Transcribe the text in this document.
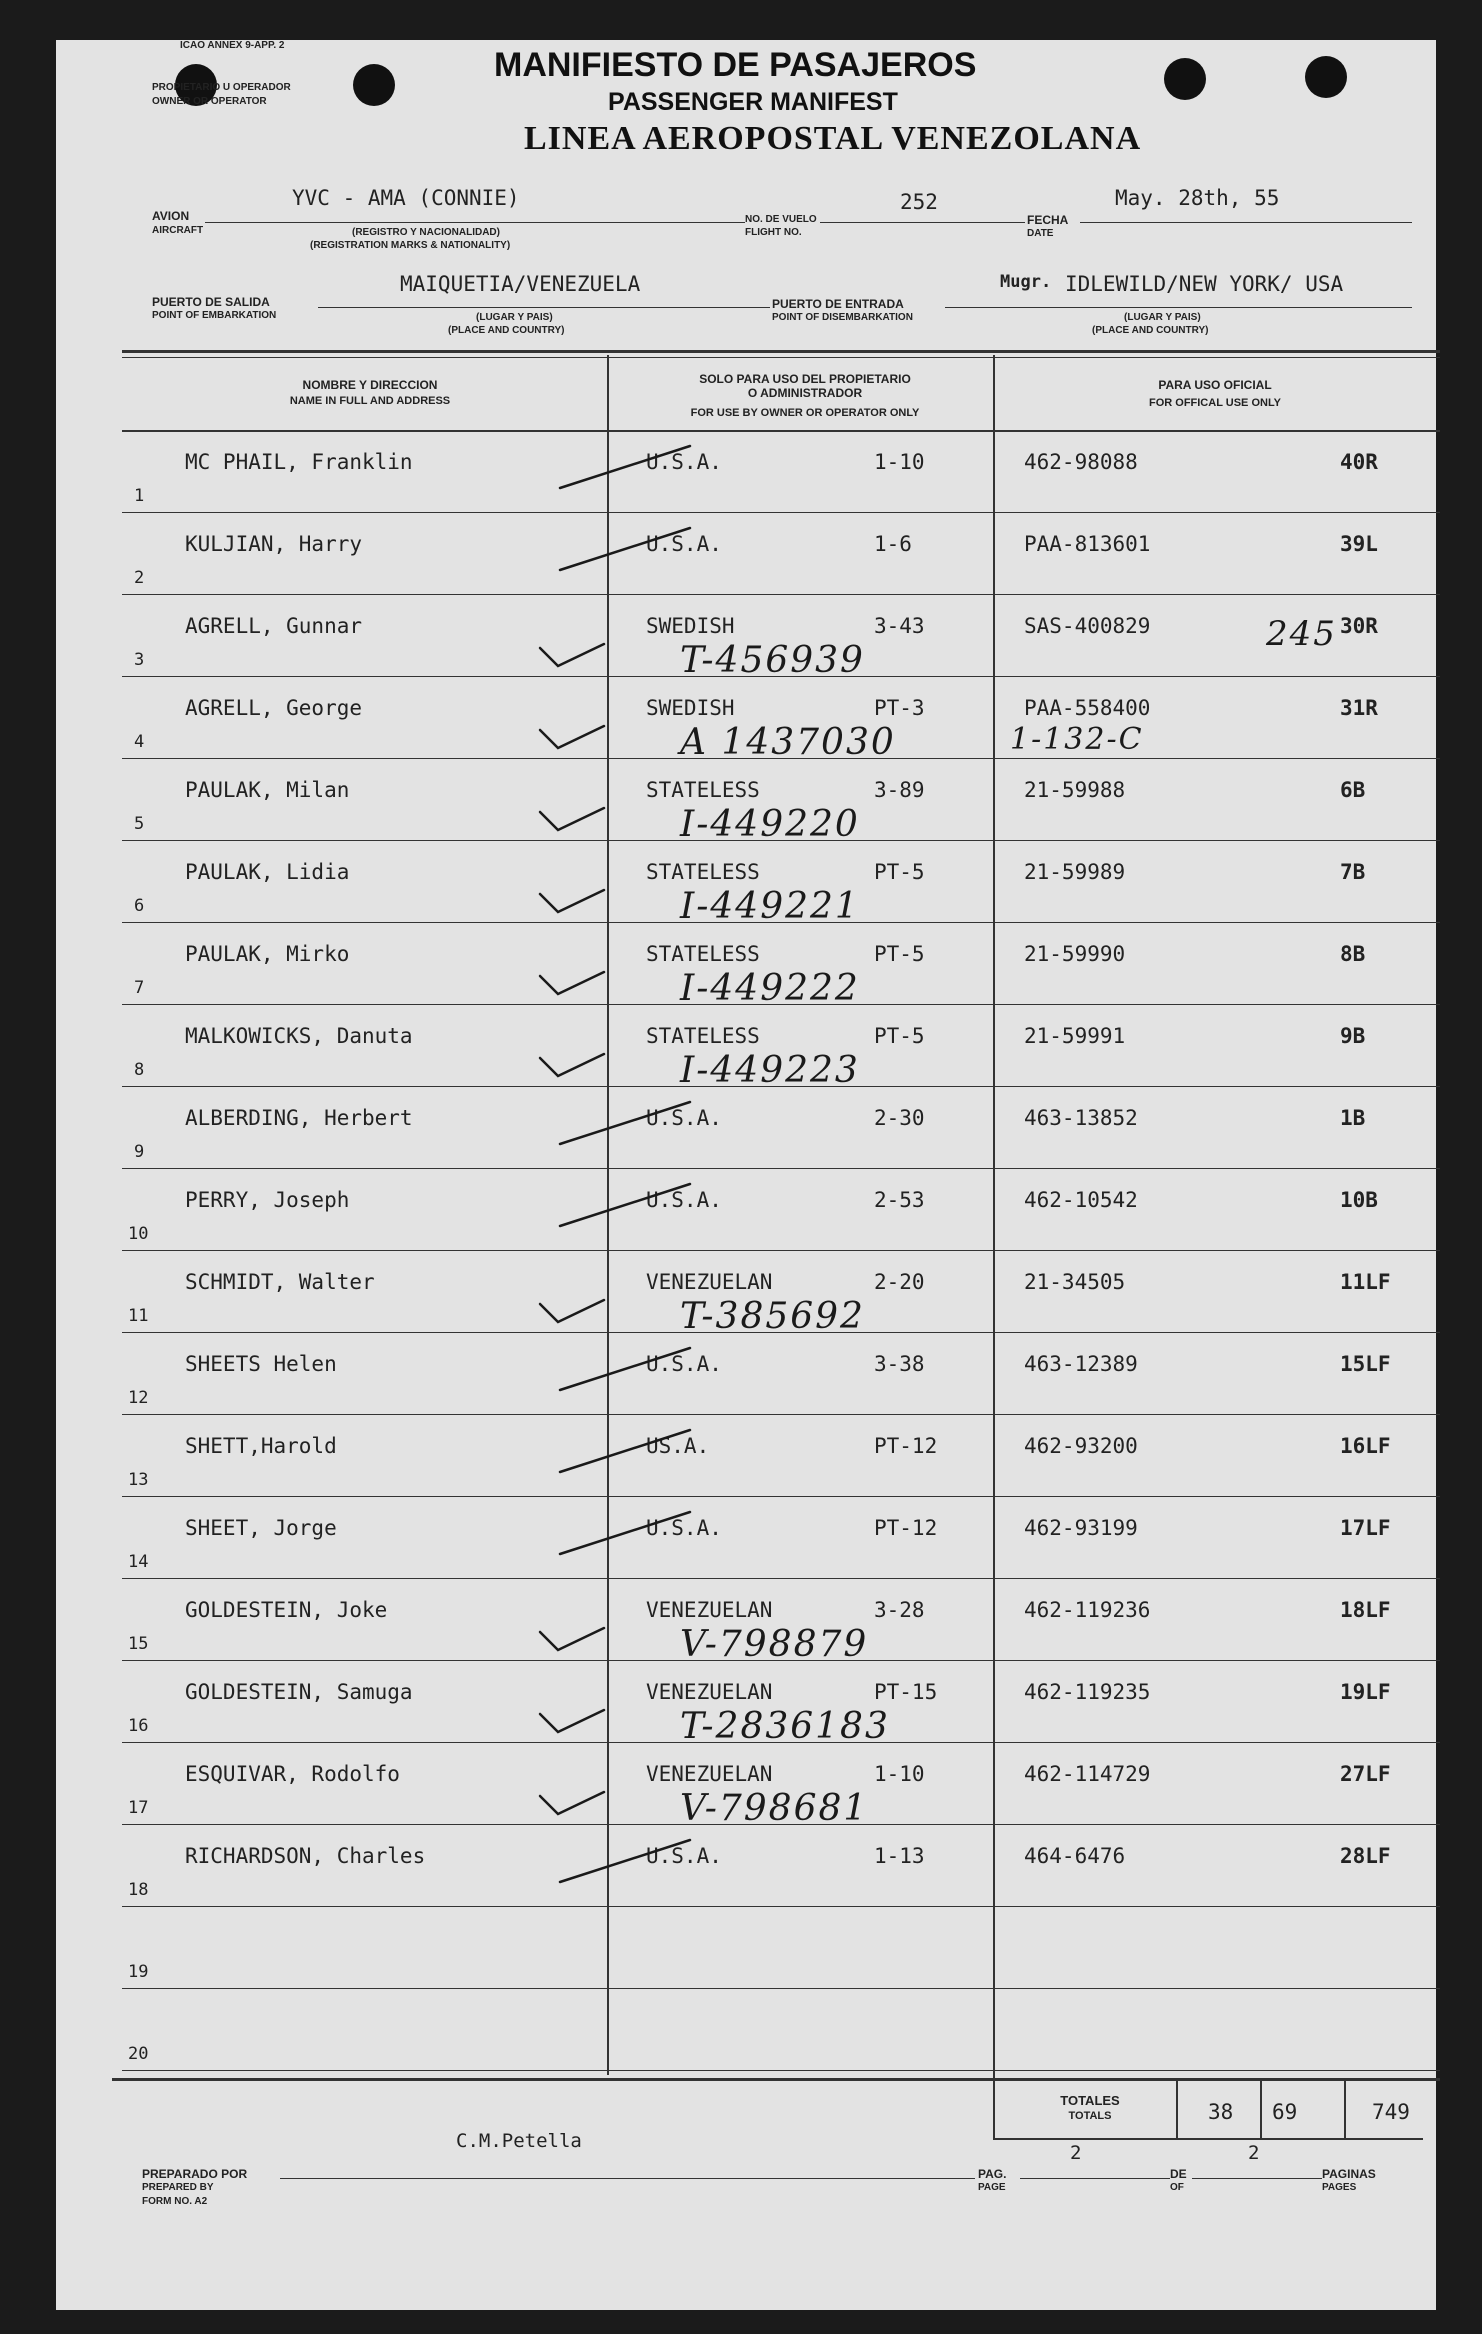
ICAO ANNEX 9-APP. 2
PROPIETARIO U OPERADOR
OWNER OR OPERATOR
MANIFIESTO DE PASAJEROS
PASSENGER MANIFEST
LINEA AEROPOSTAL VENEZOLANA
AVION
AIRCRAFT
YVC - AMA (CONNIE)
(REGISTRO Y NACIONALIDAD)
(REGISTRATION MARKS & NATIONALITY)
NO. DE VUELO
FLIGHT NO.
252
FECHA
DATE
May. 28th, 55
PUERTO DE SALIDA
POINT OF EMBARKATION
MAIQUETIA/VENEZUELA
(LUGAR Y PAIS)
(PLACE AND COUNTRY)
PUERTO DE ENTRADA
POINT OF DISEMBARKATION
Mugr. IDLEWILD/NEW YORK/ USA
(LUGAR Y PAIS)
(PLACE AND COUNTRY)
NOMBRE Y DIRECCION
NAME IN FULL AND ADDRESS
SOLO PARA USO DEL PROPIETARIO
O ADMINISTRADOR
FOR USE BY OWNER OR OPERATOR ONLY
PARA USO OFICIAL
FOR OFFICAL USE ONLY
1
MC PHAIL, Franklin	U.S.A.	1-10	462-98088	40R
2
KULJIAN, Harry	U.S.A.	1-6	PAA-813601	39L
3
AGRELL, Gunnar	SWEDISH	3-43	SAS-400829	30R
245
T-456939
4
AGRELL, George	SWEDISH	PT-3	PAA-558400	31R
A 1437030	1-132-C
5
PAULAK, Milan	STATELESS	3-89	21-59988	6B
I-449220
6
PAULAK, Lidia	STATELESS	PT-5	21-59989	7B
I-449221
7
PAULAK, Mirko	STATELESS	PT-5	21-59990	8B
I-449222
8
MALKOWICKS, Danuta	STATELESS	PT-5	21-59991	9B
I-449223
9
ALBERDING, Herbert	U.S.A.	2-30	463-13852	1B
10
PERRY, Joseph	U.S.A.	2-53	462-10542	10B
11
SCHMIDT, Walter	VENEZUELAN	2-20	21-34505	11LF
T-385692
12
SHEETS Helen	U.S.A.	3-38	463-12389	15LF
13
SHETT,Harold	US.A.	PT-12	462-93200	16LF
14
SHEET, Jorge	U.S.A.	PT-12	462-93199	17LF
15
GOLDESTEIN, Joke	VENEZUELAN	3-28	462-119236	18LF
V-798879
16
GOLDESTEIN, Samuga	VENEZUELAN	PT-15	462-119235	19LF
T-2836183
17
ESQUIVAR, Rodolfo	VENEZUELAN	1-10	462-114729	27LF
V-798681
18
RICHARDSON, Charles	U.S.A.	1-13	464-6476	28LF
19
20
TOTALES
TOTALS	38 69	749
C.M.Petella
PREPARADO POR
PREPARED BY
FORM NO. A2
PAG.
PAGE
2
DE
OF
2
PAGINAS
PAGES
